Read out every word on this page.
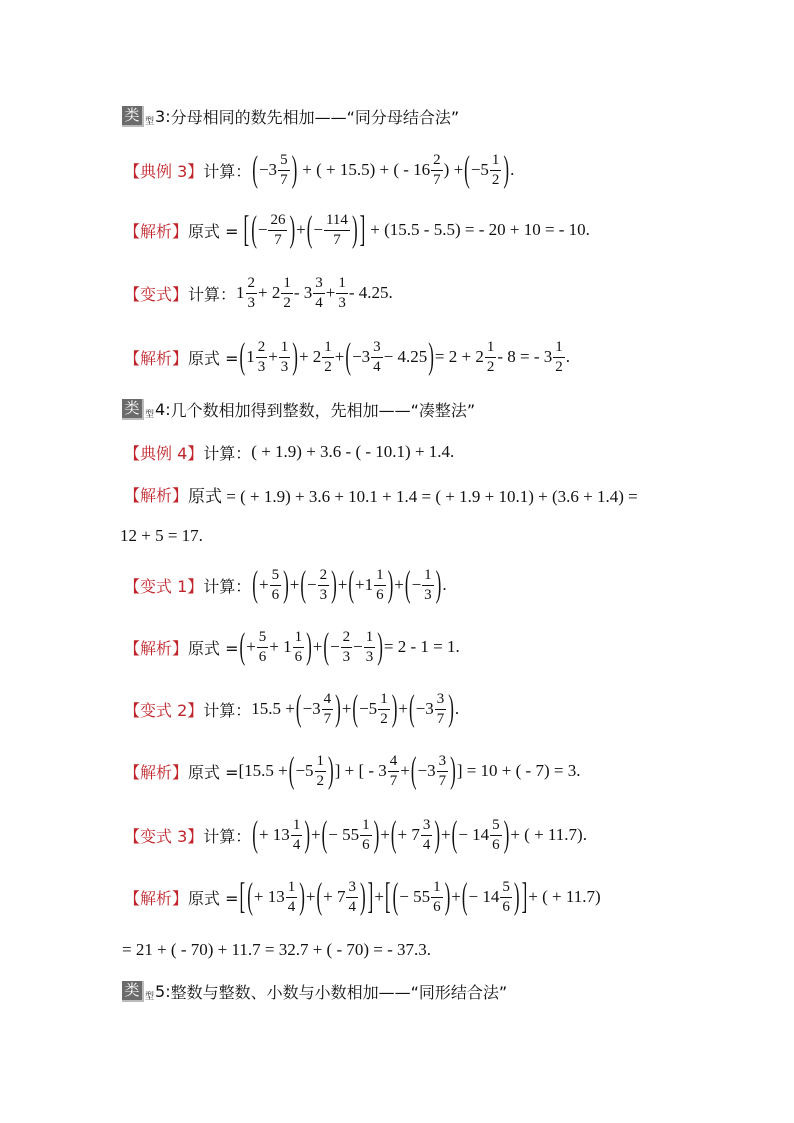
类 型 3: 分母相同的数先相加——“同分母结合法”
【典例 3】 计算： ( −3
5
7 ) + ( + 15.5) + ( - 16
2
7
) + ( −5
1
2 ) .
【解析】 原式 = [ ( −
26
7 ) + ( −
114
7 ) ] + (15.5 - 5.5) = - 20 + 10 = - 10.
【变式】 计算： 1
2
3
+ 2
1
2
- 3
3
4
+
1
3
- 4.25.
【解析】 原式 = ( 1
2
3
+
1
3 ) + 2
1
2
+ ( −3
3
4
− 4.25 ) = 2 + 2
1
2
- 8 = - 3
1
2
.
类 型 4: 几个数相加得到整数，先相加——“凑整法”
【典例 4】 计算： ( + 1.9) + 3.6 - ( - 10.1) + 1.4.
【解析】 原式 = ( + 1.9) + 3.6 + 10.1 + 1.4 = ( + 1.9 + 10.1) + (3.6 + 1.4) =
12 + 5 = 17.
【变式 1】 计算： ( +
5
6 ) + ( −
2
3 ) + ( +1
1
6 ) + ( −
1
3 ) .
【解析】 原式 = ( +
5
6
+ 1
1
6 ) + ( −
2
3
−
1
3 ) = 2 - 1 = 1.
【变式 2】 计算： 15.5 + ( −3
4
7 ) + ( −5
1
2 ) + ( −3
3
7 ) .
【解析】 原式 = [15.5 + ( −5
1
2 ) ] + [ - 3
4
7
+ ( −3
3
7 ) ] = 10 + ( - 7) = 3.
【变式 3】 计算： ( + 13
1
4 ) + ( − 55
1
6 ) + ( + 7
3
4 ) + ( − 14
5
6 ) + ( + 11.7).
【解析】 原式 = [ ( + 13
1
4 ) + ( + 7
3
4 ) ] + [ ( − 55
1
6 ) + ( − 14
5
6 ) ] + ( + 11.7)
= 21 + ( - 70) + 11.7 = 32.7 + ( - 70) = - 37.3.
类 型 5: 整数与整数、小数与小数相加——“同形结合法”
